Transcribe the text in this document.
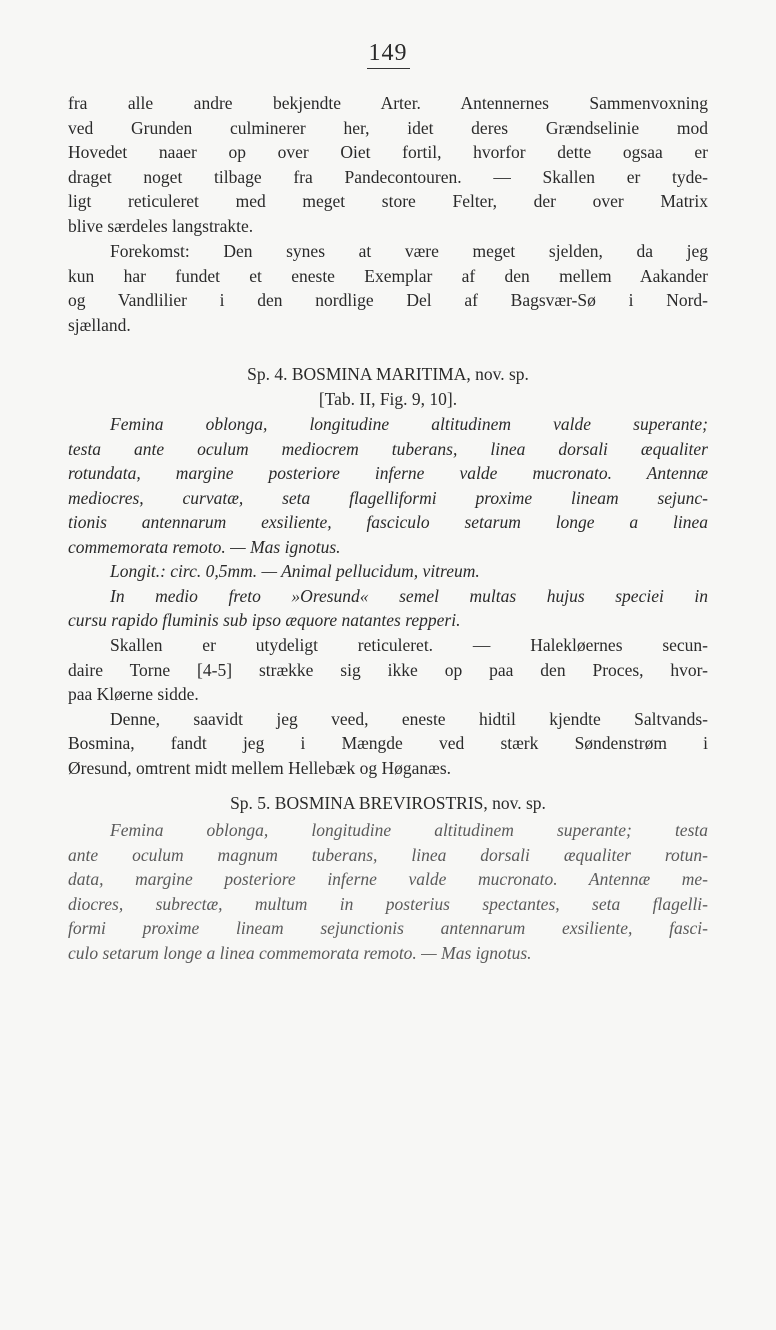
149
fra alle andre bekjendte Arter. Antennernes Sammenvoxning
ved Grunden culminerer her, idet deres Grændselinie mod
Hovedet naaer op over Oiet fortil, hvorfor dette ogsaa er
draget noget tilbage fra Pandecontouren. — Skallen er tyde-
ligt reticuleret med meget store Felter, der over Matrix
blive særdeles langstrakte.
Forekomst: Den synes at være meget sjelden, da jeg
kun har fundet et eneste Exemplar af den mellem Aakander
og Vandlilier i den nordlige Del af Bagsvær-Sø i Nord-
sjælland.
Sp. 4. BOSMINA MARITIMA, nov. sp.
[Tab. II, Fig. 9, 10].
Femina oblonga, longitudine altitudinem valde superante;
testa ante oculum mediocrem tuberans, linea dorsali æqualiter
rotundata, margine posteriore inferne valde mucronato. Antennæ
mediocres, curvatæ, seta flagelliformi proxime lineam sejunc-
tionis antennarum exsiliente, fasciculo setarum longe a linea
commemorata remoto. — Mas ignotus.
Longit.: circ. 0,5mm. — Animal pellucidum, vitreum.
In medio freto »Oresund« semel multas hujus speciei in
cursu rapido fluminis sub ipso æquore natantes repperi.
Skallen er utydeligt reticuleret. — Halekløernes secun-
daire Torne [4-5] strække sig ikke op paa den Proces, hvor-
paa Kløerne sidde.
Denne, saavidt jeg veed, eneste hidtil kjendte Saltvands-
Bosmina, fandt jeg i Mængde ved stærk Søndenstrøm i
Øresund, omtrent midt mellem Hellebæk og Høganæs.
Sp. 5. BOSMINA BREVIROSTRIS, nov. sp.
Femina oblonga, longitudine altitudinem superante; testa
ante oculum magnum tuberans, linea dorsali æqualiter rotun-
data, margine posteriore inferne valde mucronato. Antennæ me-
diocres, subrectæ, multum in posterius spectantes, seta flagelli-
formi proxime lineam sejunctionis antennarum exsiliente, fasci-
culo setarum longe a linea commemorata remoto. — Mas ignotus.
